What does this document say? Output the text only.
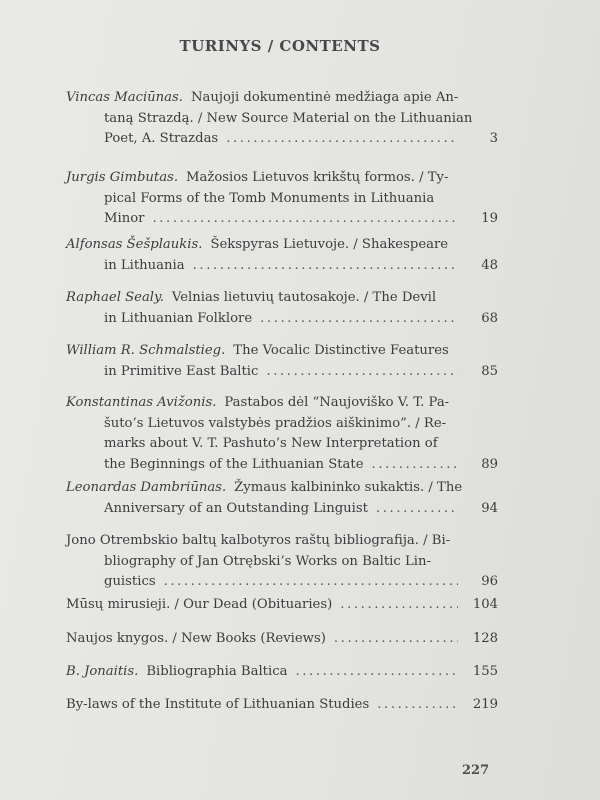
TURINYS / CONTENTS
Vincas Maciūnas. Naujoji dokumentinė medžiaga apie An-
taną Strazdą. / New Source Material on the Lithuanian
Poet, A. Strazdas .....	3
Jurgis Gimbutas. Mažosios Lietuvos krikštų formos. / Ty-
pical Forms of the Tomb Monuments in Lithuania
Minor .....	19
Alfonsas Šešplaukis. Šekspyras Lietuvoje. / Shakespeare
in Lithuania .....	48
Raphael Sealy. Velnias lietuvių tautosakoje. / The Devil
in Lithuanian Folklore .....	68
William R. Schmalstieg. The Vocalic Distinctive Features
in Primitive East Baltic .....	85
Konstantinas Avižonis. Pastabos dėl “Naujoviško V. T. Pa-
šuto’s Lietuvos valstybės pradžios aiškinimo”. / Re-
marks about V. T. Pashuto’s New Interpretation of
the Beginnings of the Lithuanian State .....	89
Leonardas Dambriūnas. Žymaus kalbininko sukaktis. / The
Anniversary of an Outstanding Linguist .....	94
Jono Otrembskio baltų kalbotyros raštų bibliografija. / Bi-
bliography of Jan Otrębski’s Works on Baltic Lin-
guistics .....	96
Mūsų mirusieji. / Our Dead (Obituaries) .....	104
Naujos knygos. / New Books (Reviews) .....	128
B. Jonaitis. Bibliographia Baltica .....	155
By-laws of the Institute of Lithuanian Studies .....	219
227
